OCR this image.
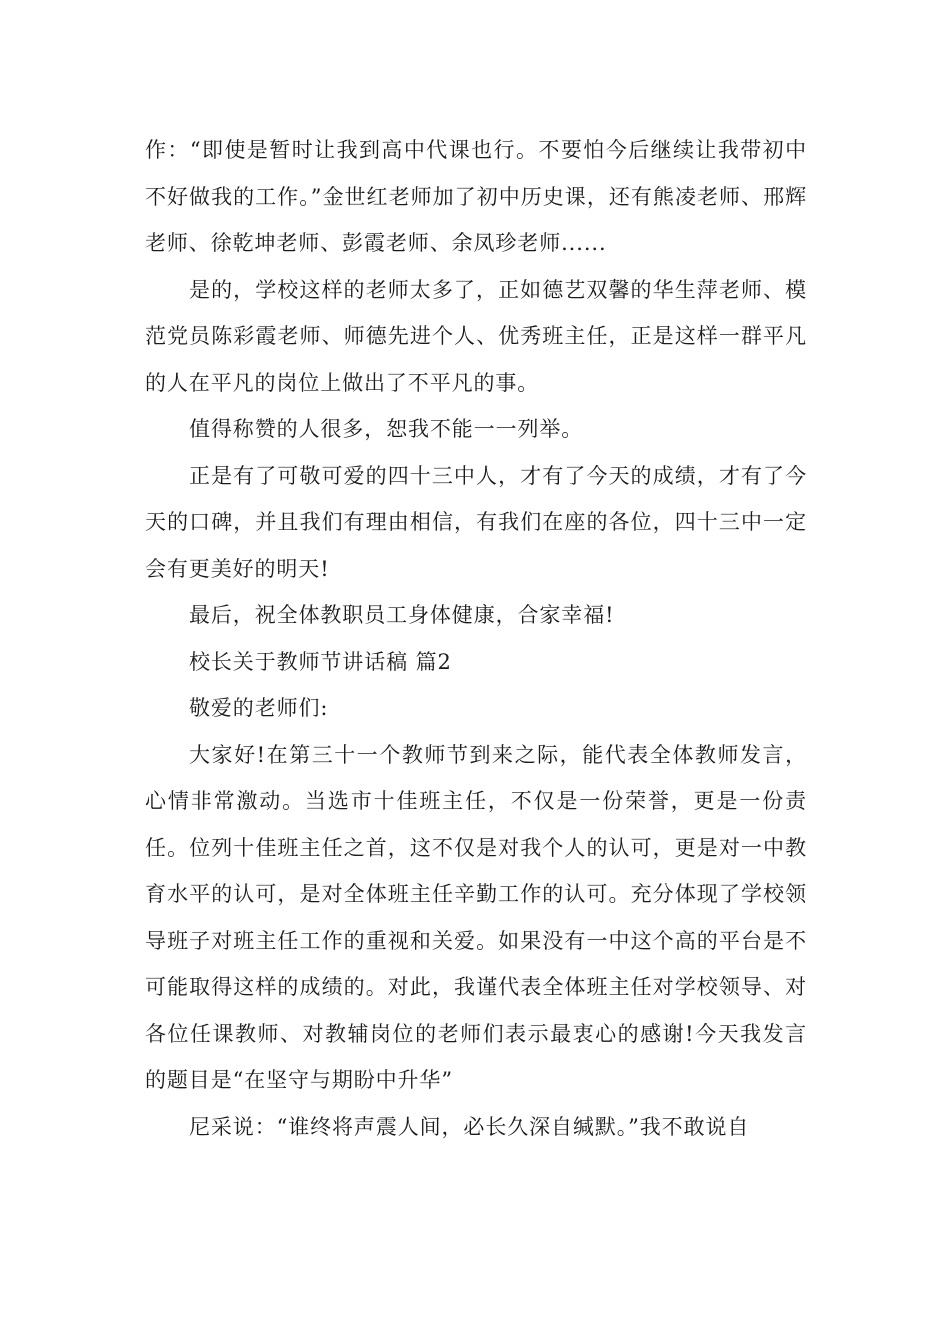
作：“即使是暂时让我到高中代课也行。不要怕今后继续让我带初中不好做我的工作。”金世红老师加了初中历史课，还有熊凌老师、邢辉老师、徐乾坤老师、彭霞老师、余凤珍老师......

是的，学校这样的老师太多了，正如德艺双馨的华生萍老师、模范党员陈彩霞老师、师德先进个人、优秀班主任，正是这样一群平凡的人在平凡的岗位上做出了不平凡的事。

值得称赞的人很多，恕我不能一一列举。

正是有了可敬可爱的四十三中人，才有了今天的成绩，才有了今天的口碑，并且我们有理由相信，有我们在座的各位，四十三中一定会有更美好的明天!

最后，祝全体教职员工身体健康，合家幸福!

校长关于教师节讲话稿 篇2

敬爱的老师们:

大家好!在第三十一个教师节到来之际，能代表全体教师发言，心情非常激动。当选市十佳班主任，不仅是一份荣誉，更是一份责任。位列十佳班主任之首，这不仅是对我个人的认可，更是对一中教育水平的认可，是对全体班主任辛勤工作的认可。充分体现了学校领导班子对班主任工作的重视和关爱。如果没有一中这个高的平台是不可能取得这样的成绩的。对此，我谨代表全体班主任对学校领导、对各位任课教师、对教辅岗位的老师们表示最衷心的感谢!今天我发言的题目是“在坚守与期盼中升华”

尼采说：“谁终将声震人间，必长久深自缄默。”我不敢说自
